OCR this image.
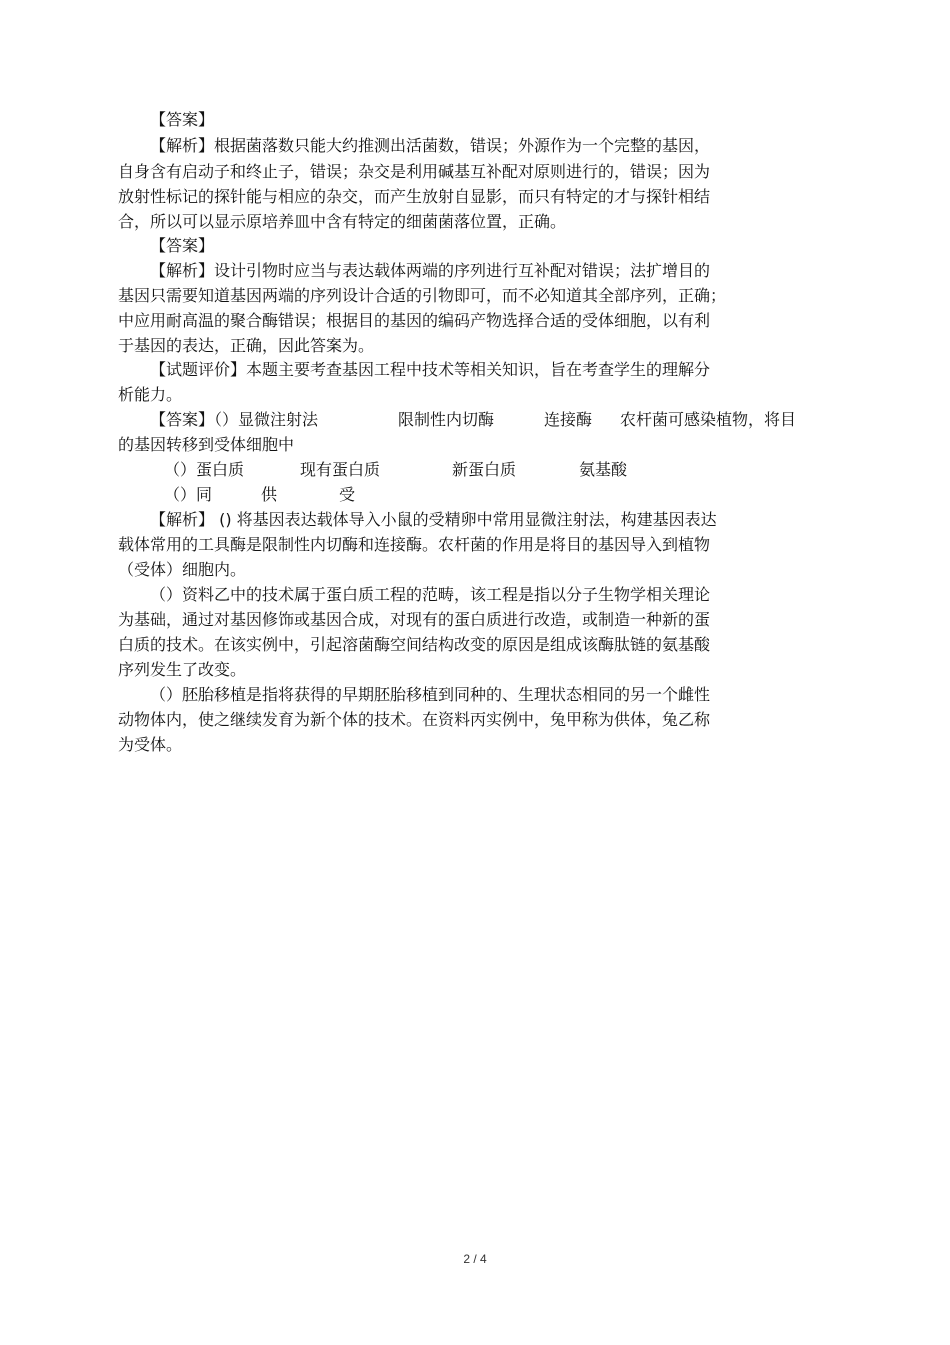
【答案】
【解析】根据菌落数只能大约推测出活菌数，错误；外源作为一个完整的基因，
自身含有启动子和终止子，错误；杂交是利用碱基互补配对原则进行的，错误；因为
放射性标记的探针能与相应的杂交，而产生放射自显影，而只有特定的才与探针相结
合，所以可以显示原培养皿中含有特定的细菌菌落位置，正确。
【答案】
【解析】设计引物时应当与表达载体两端的序列进行互补配对错误；法扩增目的
基因只需要知道基因两端的序列设计合适的引物即可，而不必知道其全部序列，正确；
中应用耐高温的聚合酶错误；根据目的基因的编码产物选择合适的受体细胞，以有利
于基因的表达，正确，因此答案为。
【试题评价】本题主要考查基因工程中技术等相关知识，旨在考查学生的理解分
析能力。
【答案】（）显微注射法	限制性内切酶	连接酶 农杆菌可感染植物，将目
的基因转移到受体细胞中
（）蛋白质	现有蛋白质	新蛋白质	氨基酸
（）同	供	受
【解析】 () 将基因表达载体导入小鼠的受精卵中常用显微注射法，构建基因表达
载体常用的工具酶是限制性内切酶和连接酶。农杆菌的作用是将目的基因导入到植物
（受体）细胞内。
（）资料乙中的技术属于蛋白质工程的范畴，该工程是指以分子生物学相关理论
为基础，通过对基因修饰或基因合成，对现有的蛋白质进行改造，或制造一种新的蛋
白质的技术。在该实例中，引起溶菌酶空间结构改变的原因是组成该酶肽链的氨基酸
序列发生了改变。
（）胚胎移植是指将获得的早期胚胎移植到同种的、生理状态相同的另一个雌性
动物体内，使之继续发育为新个体的技术。在资料丙实例中，兔甲称为供体，兔乙称
为受体。
2 / 4
